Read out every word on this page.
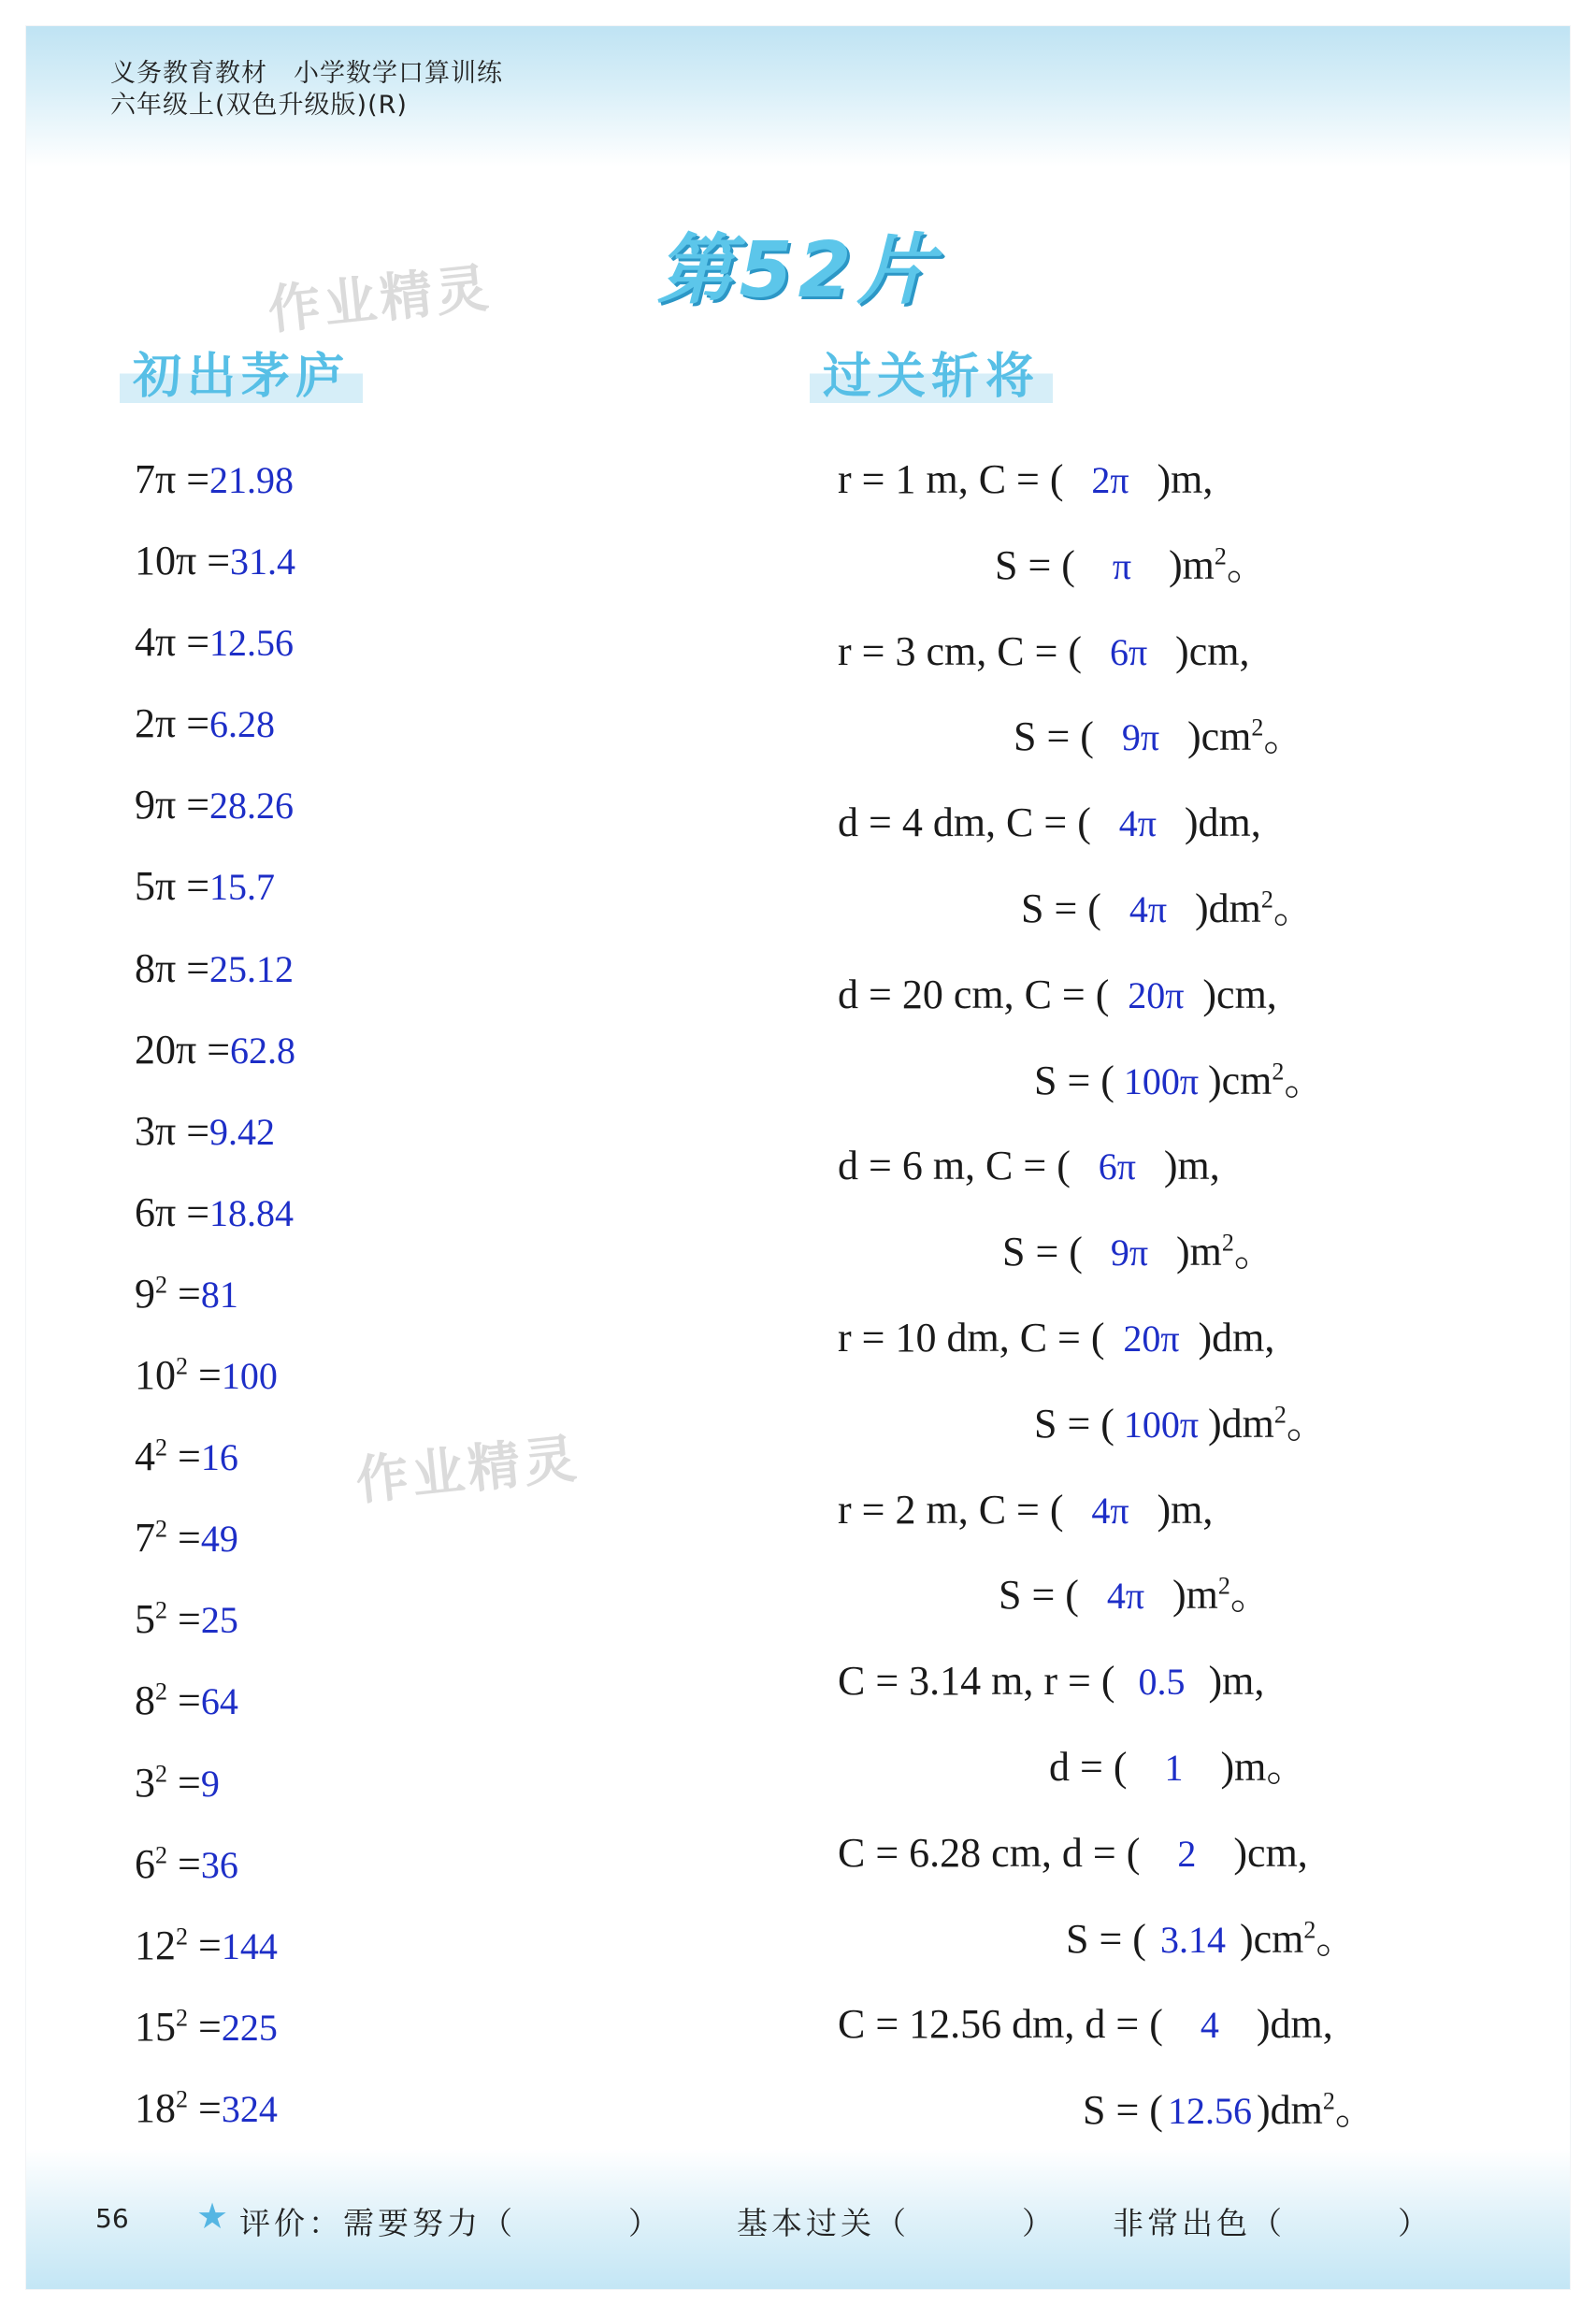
义务教育教材　小学数学口算训练
六年级上(双色升级版)(R)
第52片
作业精灵
作业精灵
初出茅庐	过关斩将
7π =21.98
10π =31.4
4π =12.56
2π =6.28
9π =28.26
5π =15.7
8π =25.12
20π =62.8
3π =9.42
6π =18.84
$9^2 =81$
$10^2 =100$
$4^2 =16$
$7^2 =49$
$5^2 =25$
$8^2 =64$
$3^2 =9$
$6^2 =36$
$12^2 =144$
$15^2 =225$
$18^2 =324$
r = 1 m, C = ( 2π )m,
S = ( π )$m^2$。
r = 3 cm, C = ( 6π )cm,
S = ( 9π )$cm^2$。
d = 4 dm, C = ( 4π )dm,
S = ( 4π )$dm^2$。
d = 20 cm, C = ( 20π )cm,
S = ( 100π )$cm^2$。
d = 6 m, C = ( 6π )m,
S = ( 9π )$m^2$。
r = 10 dm, C = ( 20π )dm,
S = ( 100π )$dm^2$。
r = 2 m, C = ( 4π )m,
S = ( 4π )$m^2$。
C = 3.14 m, r = ( 0.5 )m,
d = ( 1 )m。
C = 6.28 cm, d = ( 2 )cm,
S = ( 3.14 )$cm^2$。
C = 12.56 dm, d = ( 4 )dm,
S = ( 12.56 )$dm^2$。
56 ★ 评价：需要努力（	） 基本过关（	） 非常出色（	）
